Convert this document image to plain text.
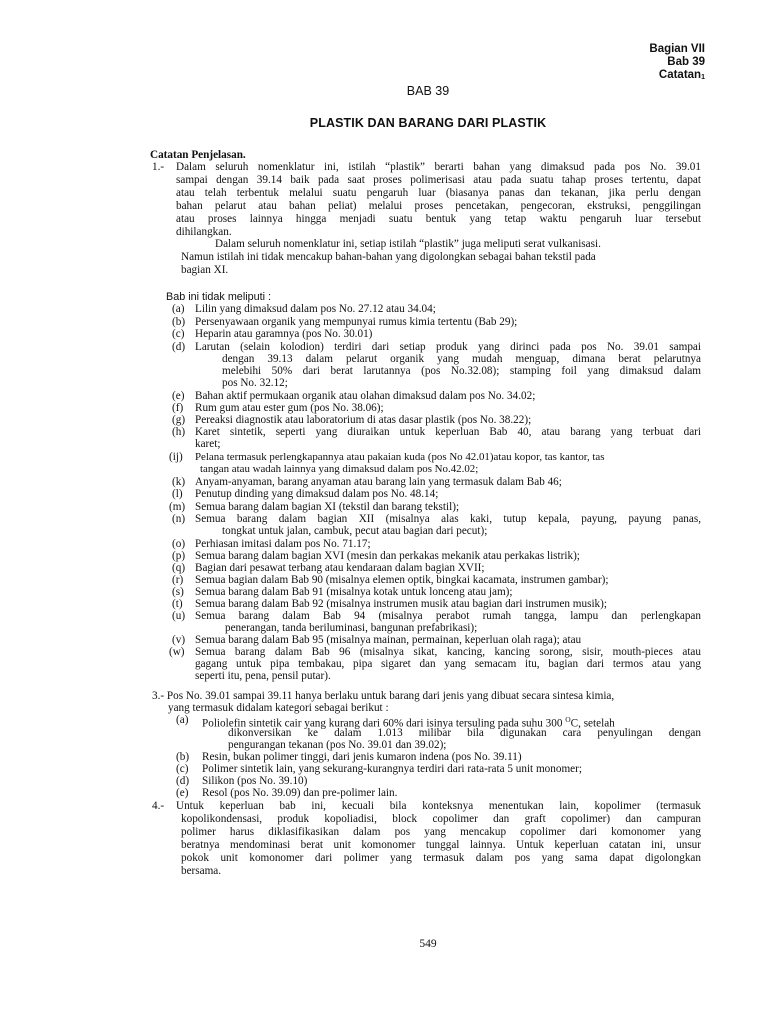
Bagian VII
Bab 39
Catatan$_1$
BAB 39
PLASTIK DAN BARANG DARI PLASTIK
Catatan Penjelasan.
1.- Dalam seluruh nomenklatur ini, istilah “plastik” berarti bahan yang dimaksud pada pos No. 39.01
sampai dengan 39.14 baik pada saat proses polimerisasi atau pada suatu tahap proses tertentu, dapat
atau telah terbentuk melalui suatu pengaruh luar (biasanya panas dan tekanan, jika perlu dengan
bahan pelarut atau bahan peliat) melalui proses pencetakan, pengecoran, ekstruksi, penggilingan
atau proses lainnya hingga menjadi suatu bentuk yang tetap waktu pengaruh luar tersebut
dihilangkan.
Dalam seluruh nomenklatur ini, setiap istilah “plastik” juga meliputi serat vulkanisasi.
Namun istilah ini tidak mencakup bahan-bahan yang digolongkan sebagai bahan tekstil pada
bagian XI.
Bab ini tidak meliputi :
(a) Lilin yang dimaksud dalam pos No. 27.12 atau 34.04;
(b) Persenyawaan organik yang mempunyai rumus kimia tertentu (Bab 29);
(c) Heparin atau garamnya (pos No. 30.01)
(d) Larutan (selain kolodion) terdiri dari setiap produk yang dirinci pada pos No. 39.01 sampai
dengan 39.13 dalam pelarut organik yang mudah menguap, dimana berat pelarutnya
melebihi 50% dari berat larutannya (pos No.32.08); stamping foil yang dimaksud dalam
pos No. 32.12;
(e) Bahan aktif permukaan organik atau olahan dimaksud dalam pos No. 34.02;
(f) Rum gum atau ester gum (pos No. 38.06);
(g) Pereaksi diagnostik atau laboratorium di atas dasar plastik (pos No. 38.22);
(h) Karet sintetik, seperti yang diuraikan untuk keperluan Bab 40, atau barang yang terbuat dari
karet;
(ij) Pelana termasuk perlengkapannya atau pakaian kuda (pos No 42.01)atau kopor, tas kantor, tas
tangan atau wadah lainnya yang dimaksud dalam pos No.42.02;
(k) Anyam-anyaman, barang anyaman atau barang lain yang termasuk dalam Bab 46;
(l) Penutup dinding yang dimaksud dalam pos No. 48.14;
(m) Semua barang dalam bagian XI (tekstil dan barang tekstil);
(n) Semua barang dalam bagian XII (misalnya alas kaki, tutup kepala, payung, payung panas,
tongkat untuk jalan, cambuk, pecut atau bagian dari pecut);
(o) Perhiasan imitasi dalam pos No. 71.17;
(p) Semua barang dalam bagian XVI (mesin dan perkakas mekanik atau perkakas listrik);
(q) Bagian dari pesawat terbang atau kendaraan dalam bagian XVII;
(r) Semua bagian dalam Bab 90 (misalnya elemen optik, bingkai kacamata, instrumen gambar);
(s) Semua barang dalam Bab 91 (misalnya kotak untuk lonceng atau jam);
(t) Semua barang dalam Bab 92 (misalnya instrumen musik atau bagian dari instrumen musik);
(u) Semua barang dalam Bab 94 (misalnya perabot rumah tangga, lampu dan perlengkapan
penerangan, tanda beriluminasi, bangunan prefabrikasi);
(v) Semua barang dalam Bab 95 (misalnya mainan, permainan, keperluan olah raga); atau
(w) Semua barang dalam Bab 96 (misalnya sikat, kancing, kancing sorong, sisir, mouth-pieces atau
gagang untuk pipa tembakau, pipa sigaret dan yang semacam itu, bagian dari termos atau yang
seperti itu, pena, pensil putar).
3.- Pos No. 39.01 sampai 39.11 hanya berlaku untuk barang dari jenis yang dibuat secara sintesa kimia,
yang termasuk didalam kategori sebagai berikut :
(a) Poliolefin sintetik cair yang kurang dari 60% dari isinya tersuling pada suhu 300 $^O$C, setelah
dikonversikan ke dalam 1.013 milibar bila digunakan cara penyulingan dengan
pengurangan tekanan (pos No. 39.01 dan 39.02);
(b) Resin, bukan polimer tinggi, dari jenis kumaron indena (pos No. 39.11)
(c) Polimer sintetik lain, yang sekurang-kurangnya terdiri dari rata-rata 5 unit monomer;
(d) Silikon (pos No. 39.10)
(e) Resol (pos No. 39.09) dan pre-polimer lain.
4.- Untuk keperluan bab ini, kecuali bila konteksnya menentukan lain, kopolimer (termasuk
kopolikondensasi, produk kopoliadisi, block copolimer dan graft copolimer) dan campuran
polimer harus diklasifikasikan dalam pos yang mencakup copolimer dari komonomer yang
beratnya mendominasi berat unit komonomer tunggal lainnya. Untuk keperluan catatan ini, unsur
pokok unit komonomer dari polimer yang termasuk dalam pos yang sama dapat digolongkan
bersama.
549
